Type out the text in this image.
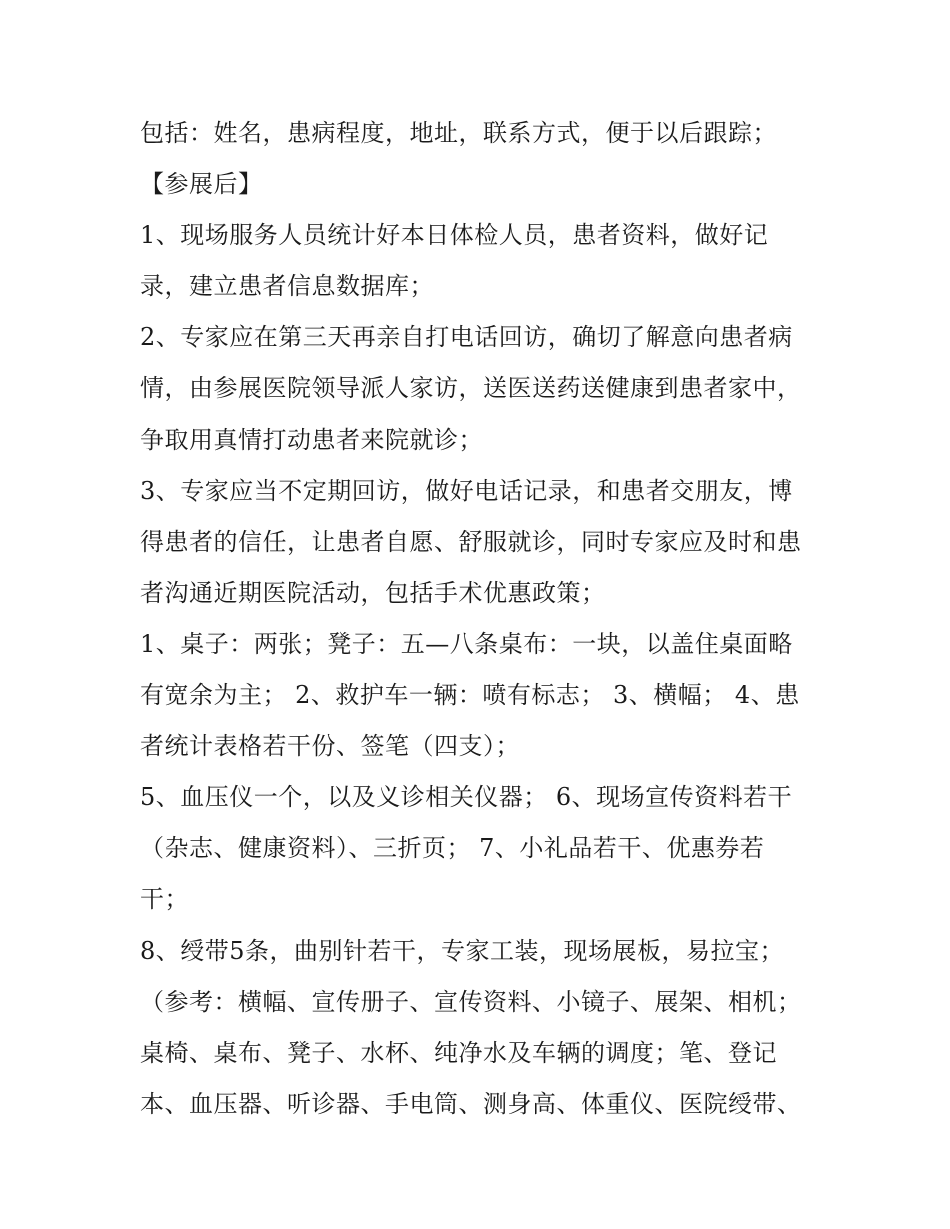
包括：姓名，患病程度，地址，联系方式，便于以后跟踪；
【参展后】
1、现场服务人员统计好本日体检人员，患者资料，做好记
录，建立患者信息数据库；
2、专家应在第三天再亲自打电话回访，确切了解意向患者病
情，由参展医院领导派人家访，送医送药送健康到患者家中，
争取用真情打动患者来院就诊；
3、专家应当不定期回访，做好电话记录，和患者交朋友，博
得患者的信任，让患者自愿、舒服就诊，同时专家应及时和患
者沟通近期医院活动，包括手术优惠政策；
1、桌子：两张；凳子：五—八条桌布：一块，以盖住桌面略
有宽余为主； 2、救护车一辆：喷有标志； 3、横幅； 4、患
者统计表格若干份、签笔（四支）；
5、血压仪一个，以及义诊相关仪器； 6、现场宣传资料若干
（杂志、健康资料）、三折页； 7、小礼品若干、优惠券若
干；
8、绶带5条，曲别针若干，专家工装，现场展板，易拉宝；
（参考：横幅、宣传册子、宣传资料、小镜子、展架、相机；
桌椅、桌布、凳子、水杯、纯净水及车辆的调度；笔、登记
本、血压器、听诊器、手电筒、测身高、体重仪、医院绶带、
